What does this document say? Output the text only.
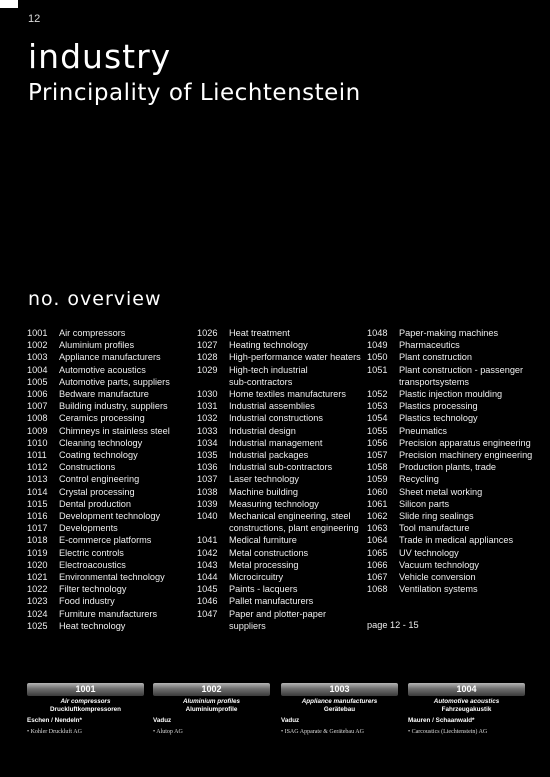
12
industry
Principality of Liechtenstein
no. overview
1001	Air compressors
1002	Aluminium profiles
1003	Appliance manufacturers
1004	Automotive acoustics
1005	Automotive parts, suppliers
1006	Bedware manufacture
1007	Building industry, suppliers
1008	Ceramics processing
1009	Chimneys in stainless steel
1010	Cleaning technology
1011	Coating technology
1012	Constructions
1013	Control engineering
1014	Crystal processing
1015	Dental production
1016	Development technology
1017	Developments
1018	E-commerce platforms
1019	Electric controls
1020	Electroacoustics
1021	Environmental technology
1022	Filter technology
1023	Food industry
1024	Furniture manufacturers
1025	Heat technology
1026	Heat treatment
1027	Heating technology
1028	High-performance water heaters
1029	High-tech industrial
sub-contractors
1030	Home textiles manufacturers
1031	Industrial assemblies
1032	Industrial constructions
1033	Industrial design
1034	Industrial management
1035	Industrial packages
1036	Industrial sub-contractors
1037	Laser technology
1038	Machine building
1039	Measuring technology
1040	Mechanical engineering, steel
constructions, plant engineering
1041	Medical furniture
1042	Metal constructions
1043	Metal processing
1044	Microcircuitry
1045	Paints - lacquers
1046	Pallet manufacturers
1047	Paper and plotter-paper
suppliers
1048	Paper-making machines
1049	Pharmaceutics
1050	Plant construction
1051	Plant construction - passenger
transportsystems
1052	Plastic injection moulding
1053	Plastics processing
1054	Plastics technology
1055	Pneumatics
1056	Precision apparatus engineering
1057	Precision machinery engineering
1058	Production plants, trade
1059	Recycling
1060	Sheet metal working
1061	Silicon parts
1062	Slide ring sealings
1063	Tool manufacture
1064	Trade in medical appliances
1065	UV technology
1066	Vacuum technology
1067	Vehicle conversion
1068	Ventilation systems
page 12 - 15
1001
Air compressors
Druckluftkompressoren
Eschen / Nendeln*
• Kohler Druckluft AG
1002
Aluminium profiles
Aluminiumprofile
Vaduz
• Alutop AG
1003
Appliance manufacturers
Gerätebau
Vaduz
• ISAG Apparate & Gerätebau AG
1004
Automotive acoustics
Fahrzeugakustik
Mauren / Schaanwald*
• Carcoustics (Liechtenstein) AG
